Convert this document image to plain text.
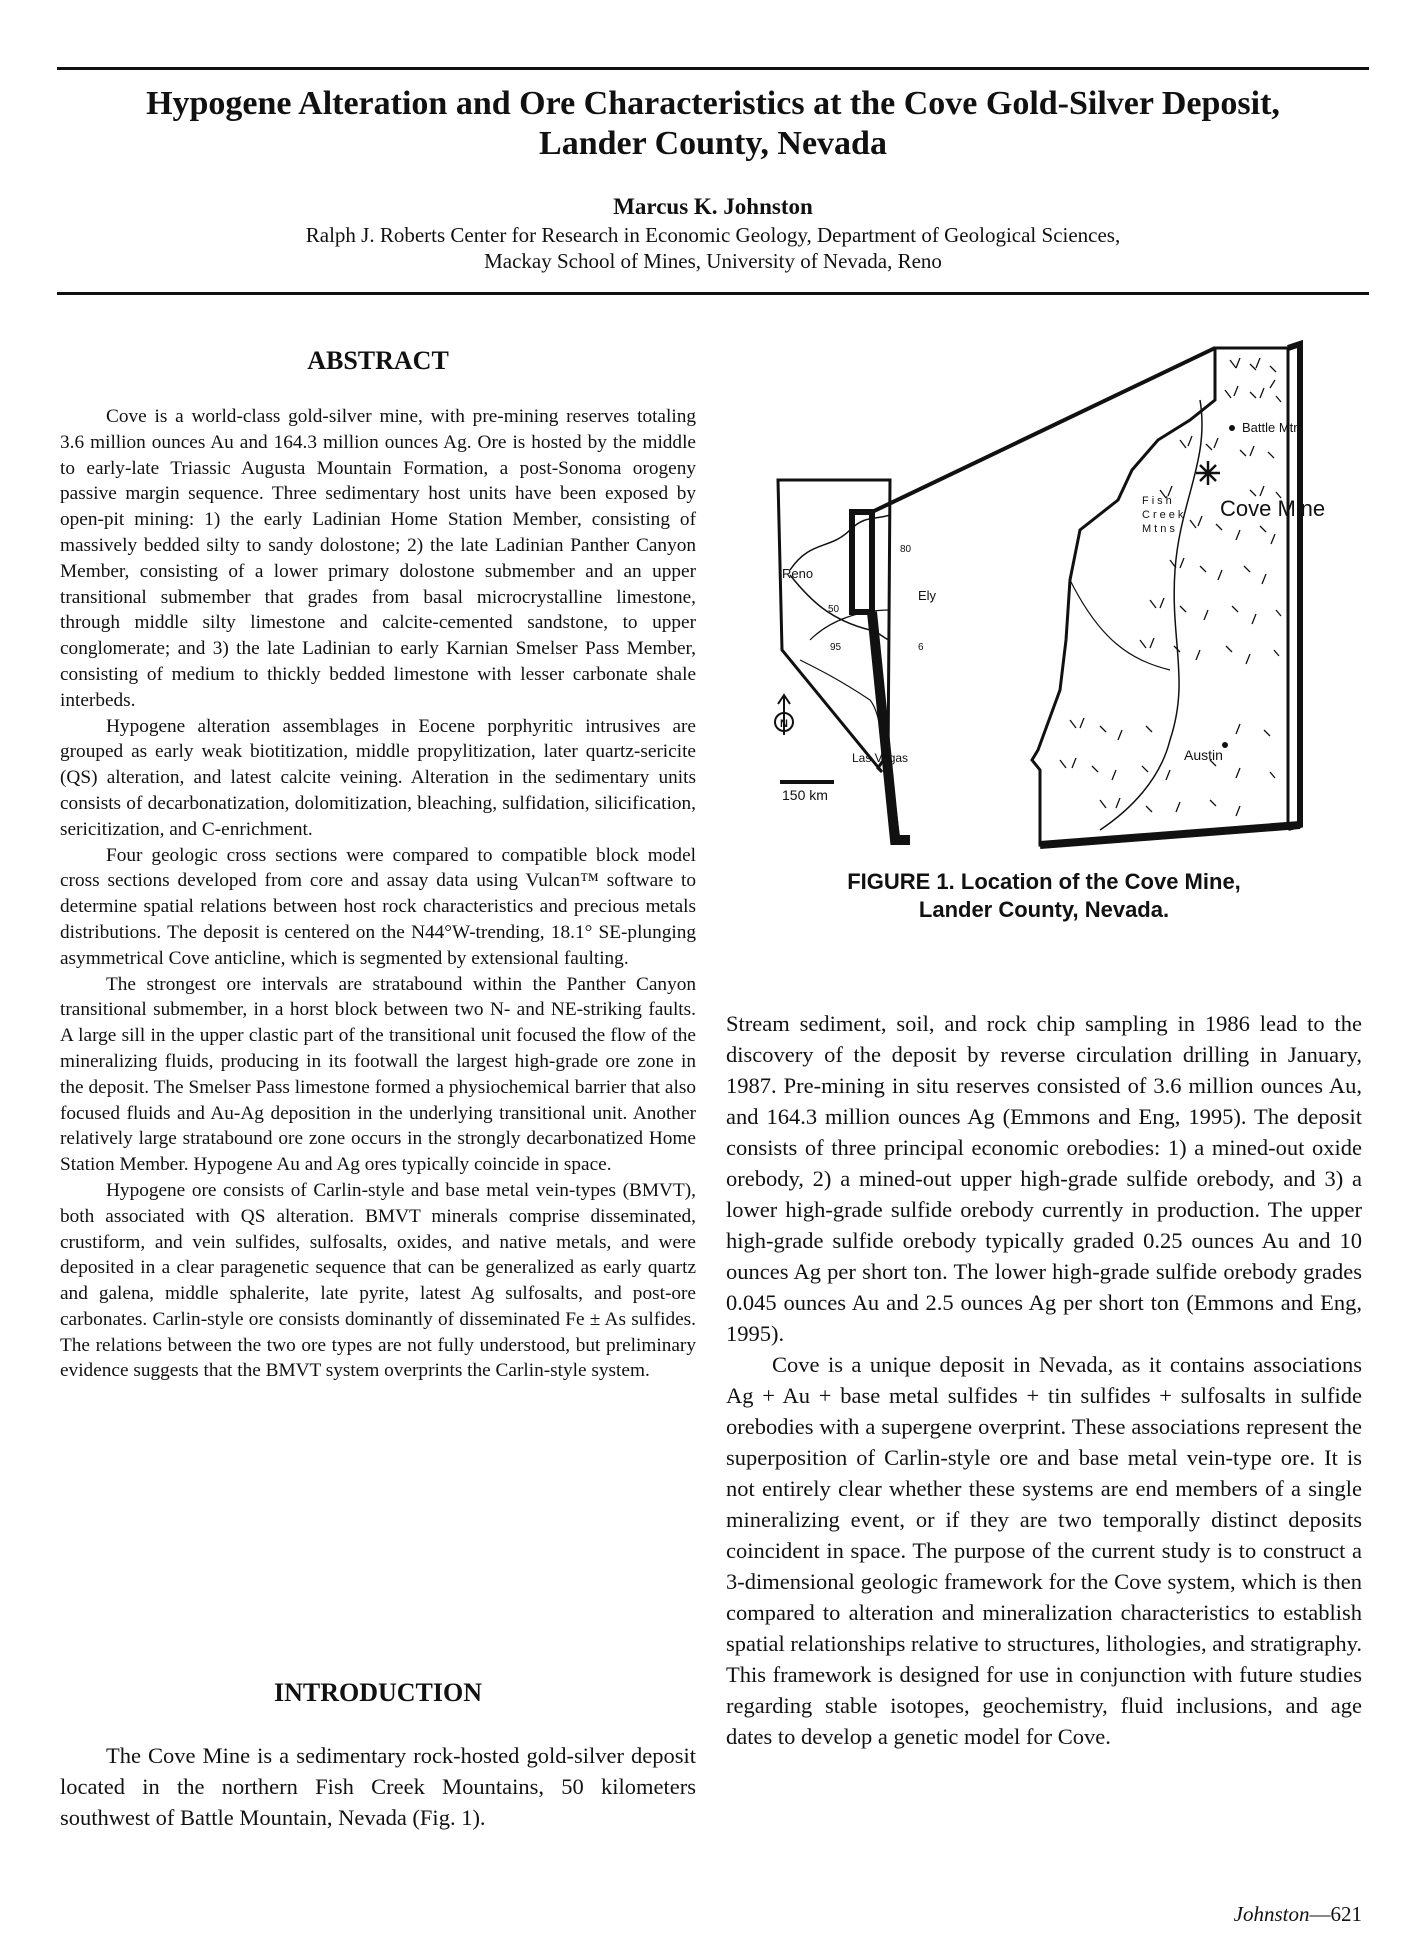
Hypogene Alteration and Ore Characteristics at the Cove Gold-Silver Deposit,
Lander County, Nevada
Marcus K. Johnston
Ralph J. Roberts Center for Research in Economic Geology, Department of Geological Sciences,
Mackay School of Mines, University of Nevada, Reno
ABSTRACT

Cove is a world-class gold-silver mine, with pre-mining reserves totaling 3.6 million ounces Au and 164.3 million ounces Ag. Ore is hosted by the middle to early-late Triassic Augusta Mountain Formation, a post-Sonoma orogeny passive margin sequence. Three sedimentary host units have been exposed by open-pit mining: 1) the early Ladinian Home Station Member, consisting of massively bedded silty to sandy dolostone; 2) the late Ladinian Panther Canyon Member, consisting of a lower primary dolostone submember and an upper transitional submember that grades from basal microcrystalline limestone, through middle silty limestone and calcite-cemented sandstone, to upper conglomerate; and 3) the late Ladinian to early Karnian Smelser Pass Member, consisting of medium to thickly bedded limestone with lesser carbonate shale interbeds.

Hypogene alteration assemblages in Eocene porphyritic intrusives are grouped as early weak biotitization, middle propylitization, later quartz-sericite (QS) alteration, and latest calcite veining. Alteration in the sedimentary units consists of decarbonatization, dolomitization, bleaching, sulfidation, silicification, sericitization, and C-enrichment.

Four geologic cross sections were compared to compatible block model cross sections developed from core and assay data using Vulcan™ software to determine spatial relations between host rock characteristics and precious metals distributions. The deposit is centered on the N44°W-trending, 18.1° SE-plunging asymmetrical Cove anticline, which is segmented by extensional faulting.

The strongest ore intervals are stratabound within the Panther Canyon transitional submember, in a horst block between two N- and NE-striking faults. A large sill in the upper clastic part of the transitional unit focused the flow of the mineralizing fluids, producing in its footwall the largest high-grade ore zone in the deposit. The Smelser Pass limestone formed a physiochemical barrier that also focused fluids and Au-Ag deposition in the underlying transitional unit. Another relatively large stratabound ore zone occurs in the strongly decarbonatized Home Station Member. Hypogene Au and Ag ores typically coincide in space.

Hypogene ore consists of Carlin-style and base metal vein-types (BMVT), both associated with QS alteration. BMVT minerals comprise disseminated, crustiform, and vein sulfides, sulfosalts, oxides, and native metals, and were deposited in a clear paragenetic sequence that can be generalized as early quartz and galena, middle sphalerite, late pyrite, latest Ag sulfosalts, and post-ore carbonates. Carlin-style ore consists dominantly of disseminated Fe ± As sulfides. The relations between the two ore types are not fully understood, but preliminary evidence suggests that the BMVT system overprints the Carlin-style system.

INTRODUCTION

The Cove Mine is a sedimentary rock-hosted gold-silver deposit located in the northern Fish Creek Mountains, 50 kilometers southwest of Battle Mountain, Nevada (Fig. 1).

N
150 km
Reno
Ely
Las Vegas
80
50
95	6
Battle Mtn
Cove Mine
Fish
Creek
Mtns
Austin
FIGURE 1. Location of the Cove Mine,
Lander County, Nevada.

Stream sediment, soil, and rock chip sampling in 1986 lead to the discovery of the deposit by reverse circulation drilling in January, 1987. Pre-mining in situ reserves consisted of 3.6 million ounces Au, and 164.3 million ounces Ag (Emmons and Eng, 1995). The deposit consists of three principal economic orebodies: 1) a mined-out oxide orebody, 2) a mined-out upper high-grade sulfide orebody, and 3) a lower high-grade sulfide orebody currently in production. The upper high-grade sulfide orebody typically graded 0.25 ounces Au and 10 ounces Ag per short ton. The lower high-grade sulfide orebody grades 0.045 ounces Au and 2.5 ounces Ag per short ton (Emmons and Eng, 1995).

Cove is a unique deposit in Nevada, as it contains associations Ag + Au + base metal sulfides + tin sulfides + sulfosalts in sulfide orebodies with a supergene overprint. These associations represent the superposition of Carlin-style ore and base metal vein-type ore. It is not entirely clear whether these systems are end members of a single mineralizing event, or if they are two temporally distinct deposits coincident in space. The purpose of the current study is to construct a 3-dimensional geologic framework for the Cove system, which is then compared to alteration and mineralization characteristics to establish spatial relationships relative to structures, lithologies, and stratigraphy. This framework is designed for use in conjunction with future studies regarding stable isotopes, geochemistry, fluid inclusions, and age dates to develop a genetic model for Cove.

Johnston—621
